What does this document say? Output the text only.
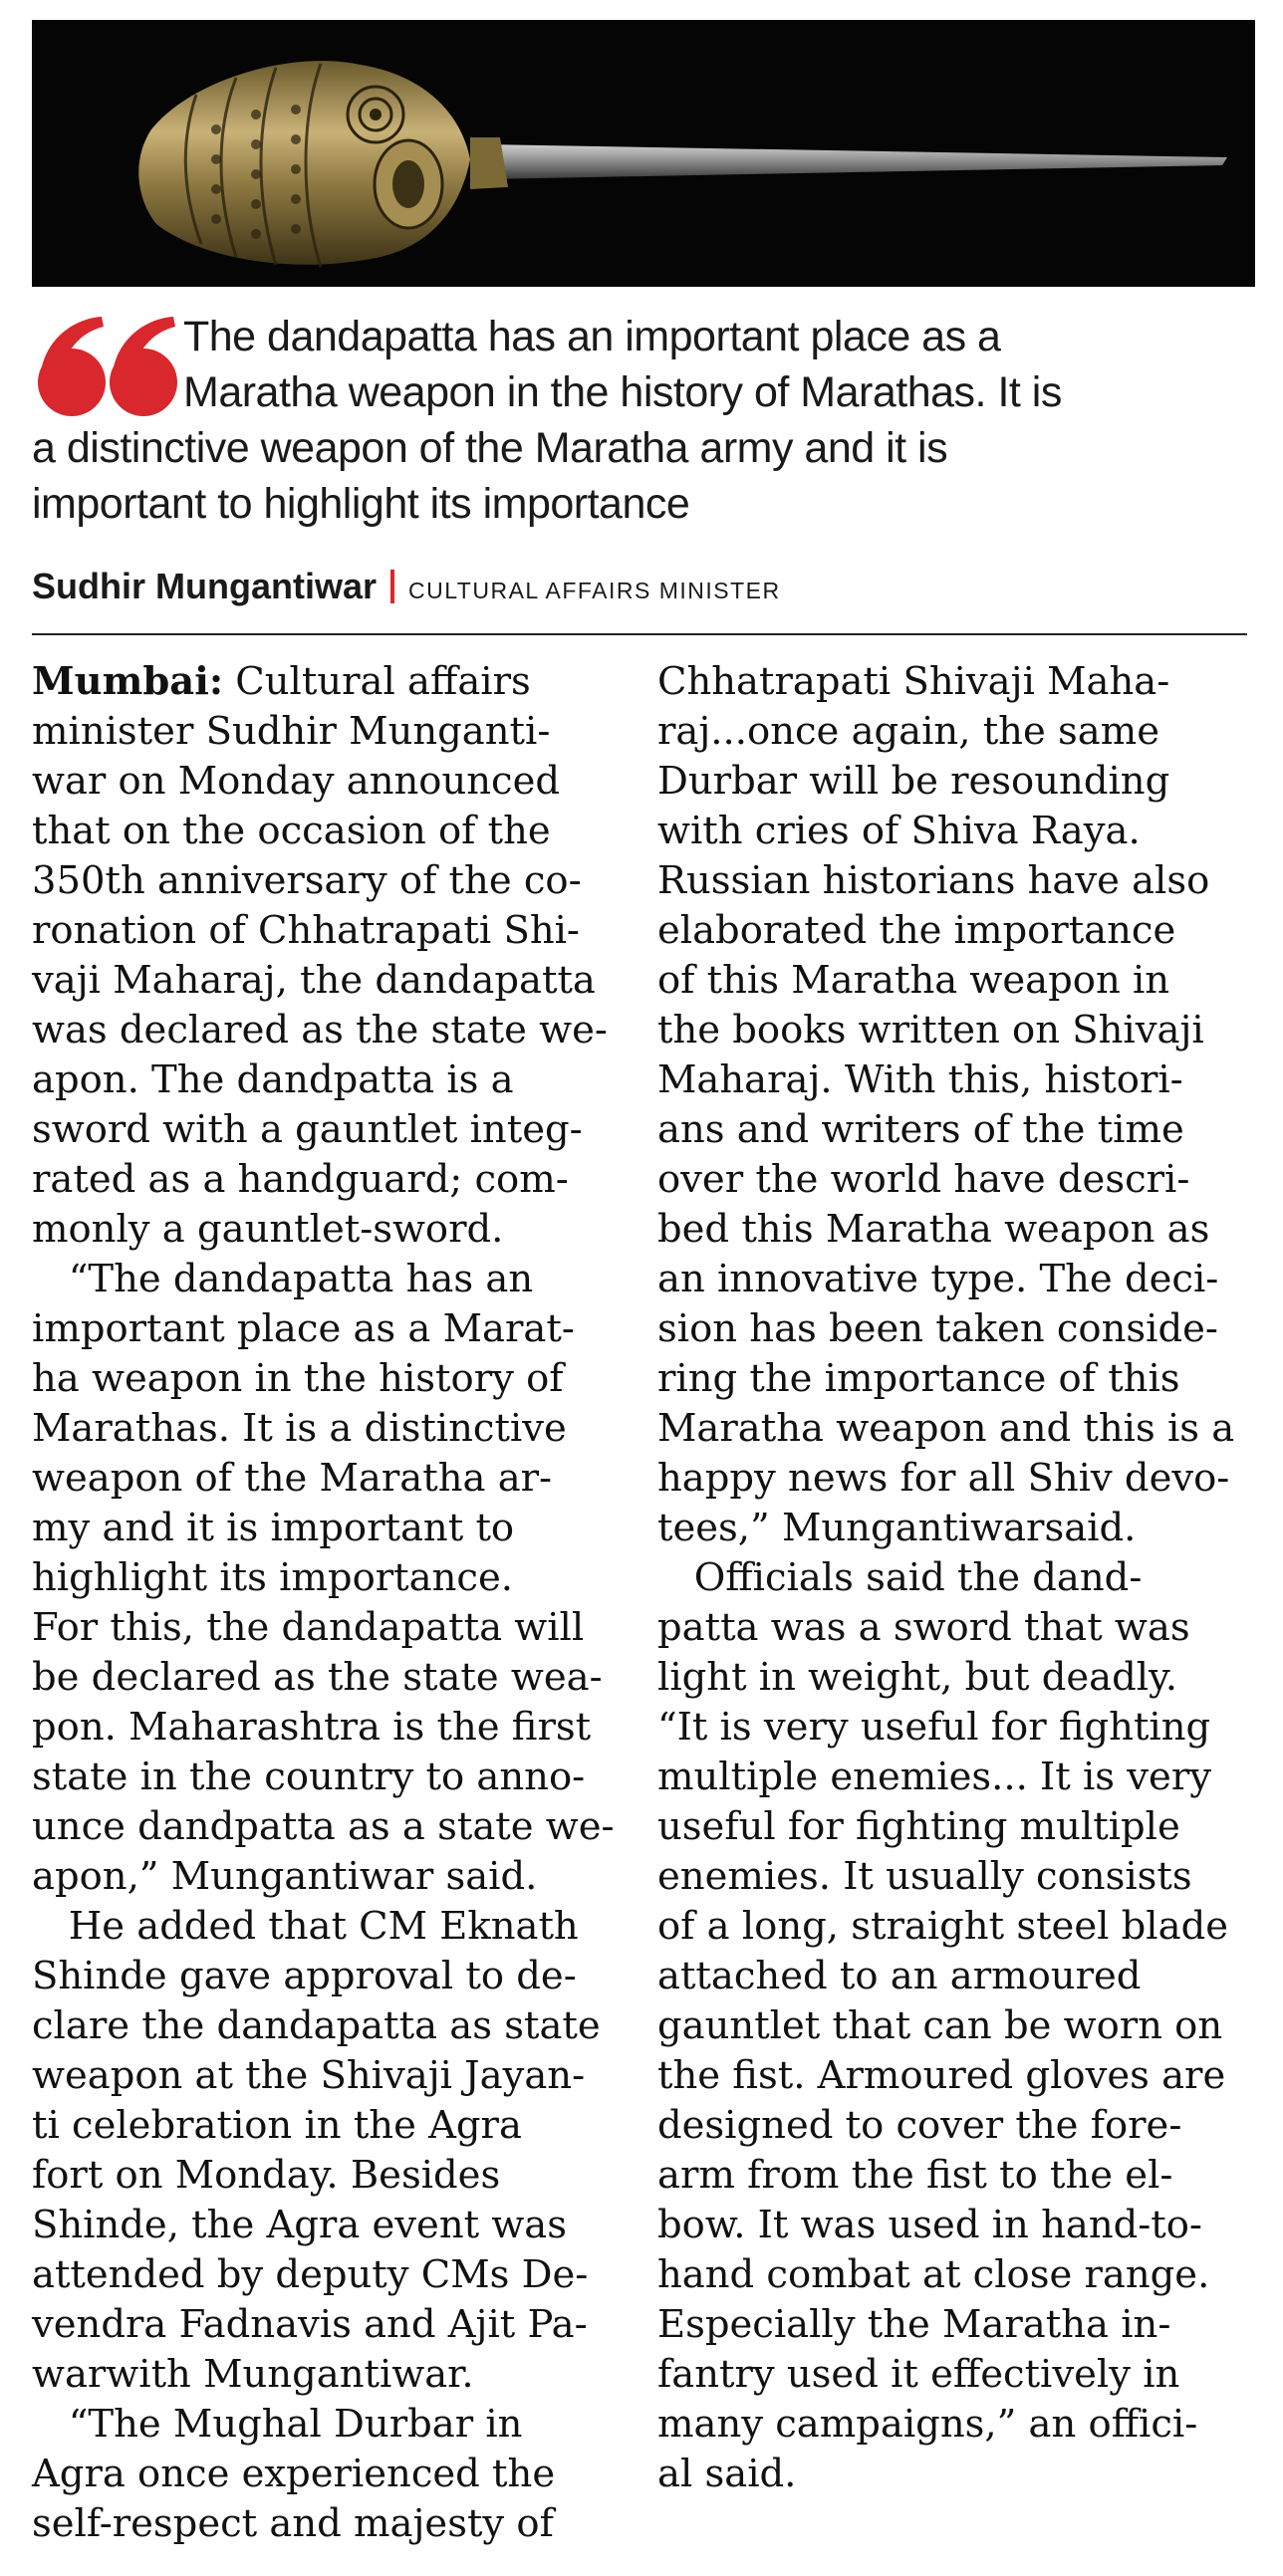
The dandapatta has an important place as a
Maratha weapon in the history of Marathas. It is
a distinctive weapon of the Maratha army and it is
important to highlight its importance

Sudhir Mungantiwar CULTURAL AFFAIRS MINISTER

Mumbai: Cultural affairs

minister Sudhir Munganti-

war on Monday announced

that on the occasion of the

350th anniversary of the co-

ronation of Chhatrapati Shi-

vaji Maharaj, the dandapatta

was declared as the state we-

apon. The dandpatta is a

sword with a gauntlet integ-

rated as a handguard; com-

monly a gauntlet-sword.

“The dandapatta has an

important place as a Marat-

ha weapon in the history of

Marathas. It is a distinctive

weapon of the Maratha ar-

my and it is important to

highlight its importance.

For this, the dandapatta will

be declared as the state wea-

pon. Maharashtra is the first

state in the country to anno-

unce dandpatta as a state we-

apon,” Mungantiwar said.

He added that CM Eknath

Shinde gave approval to de-

clare the dandapatta as state

weapon at the Shivaji Jayan-

ti celebration in the Agra

fort on Monday. Besides

Shinde, the Agra event was

attended by deputy CMs De-

vendra Fadnavis and Ajit Pa-

warwith Mungantiwar.

“The Mughal Durbar in

Agra once experienced the

self-respect and majesty of

Chhatrapati Shivaji Maha-

raj...once again, the same

Durbar will be resounding

with cries of Shiva Raya.

Russian historians have also

elaborated the importance

of this Maratha weapon in

the books written on Shivaji

Maharaj. With this, histori-

ans and writers of the time

over the world have descri-

bed this Maratha weapon as

an innovative type. The deci-

sion has been taken conside-

ring the importance of this

Maratha weapon and this is a

happy news for all Shiv devo-

tees,” Mungantiwarsaid.

Officials said the dand-

patta was a sword that was

light in weight, but deadly.

“It is very useful for fighting

multiple enemies... It is very

useful for fighting multiple

enemies. It usually consists

of a long, straight steel blade

attached to an armoured

gauntlet that can be worn on

the fist. Armoured gloves are

designed to cover the fore-

arm from the fist to the el-

bow. It was used in hand-to-

hand combat at close range.

Especially the Maratha in-

fantry used it effectively in

many campaigns,” an offici-

al said.
